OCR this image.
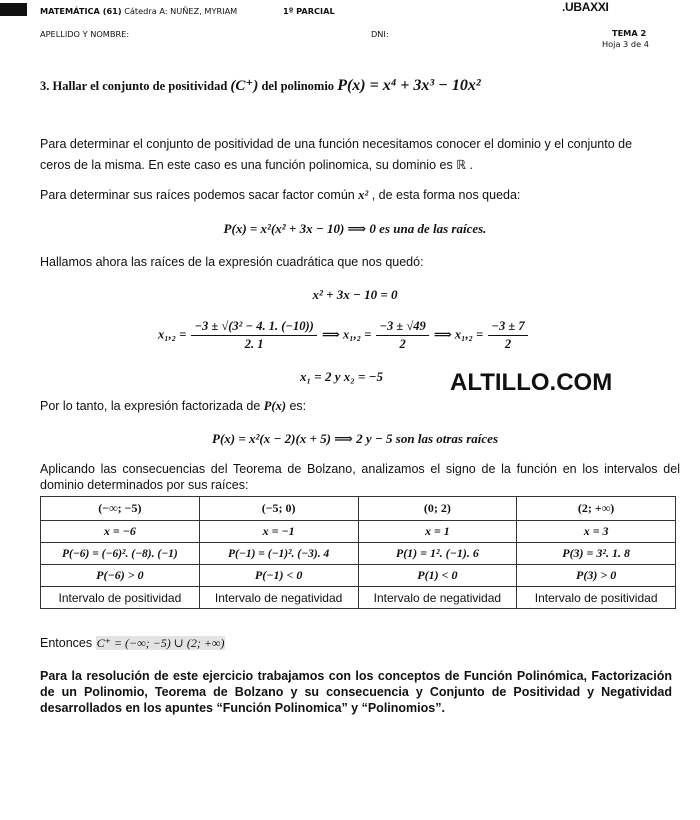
MATEMÁTICA (61) Cátedra A: NUÑEZ, MYRIAM	1º PARCIAL	.UBAXXI
APELLIDO Y NOMBRE:	DNI:	TEMA 2
Hoja 3 de 4
3. Hallar el conjunto de positividad (C⁺) del polinomio P(x) = x⁴ + 3x³ − 10x²
Para determinar el conjunto de positividad de una función necesitamos conocer el dominio y el conjunto de ceros de la misma. En este caso es una función polinomica, su dominio es ℝ .
Para determinar sus raíces podemos sacar factor común x² , de esta forma nos queda:
P(x) = x²(x² + 3x − 10) ⟹ 0 es una de las raíces.
Hallamos ahora las raíces de la expresión cuadrática que nos quedó:
x² + 3x − 10 = 0
$x_1,_2 = \frac{\text{−3 ± √(3² − 4. 1. (−10))}}{2. 1}$ ⟹ $x_1,_2 = \frac{-3 \pm √49}{2}$ ⟹ $x_1,_2 = \frac{-3 \pm 7}{2}$
x₁ = 2 y x₂ = −5	ALTILLO.COM
Por lo tanto, la expresión factorizada de P(x) es:
P(x) = x²(x − 2)(x + 5) ⟹ 2 y − 5 son las otras raíces
Aplicando las consecuencias del Teorema de Bolzano, analizamos el signo de la función en los intervalos del dominio determinados por sus raíces:
(−∞; −5)	(−5; 0)	(0; 2)	(2; +∞)
x = −6	x = −1	x = 1	x = 3
P(−6) = (−6)². (−8). (−1)	P(−1) = (−1)². (−3). 4	P(1) = 1². (−1). 6	P(3) = 3². 1. 8
P(−6) > 0	P(−1) < 0	P(1) < 0	P(3) > 0
Intervalo de positividad	Intervalo de negatividad	Intervalo de negatividad	Intervalo de positividad
Entonces C⁺ = (−∞; −5) ∪ (2; +∞)
Para la resolución de este ejercicio trabajamos con los conceptos de Función Polinómica, Factorización de un Polinomio, Teorema de Bolzano y su consecuencia y Conjunto de Positividad y Negatividad desarrollados en los apuntes “Función Polinomica” y “Polinomios”.
